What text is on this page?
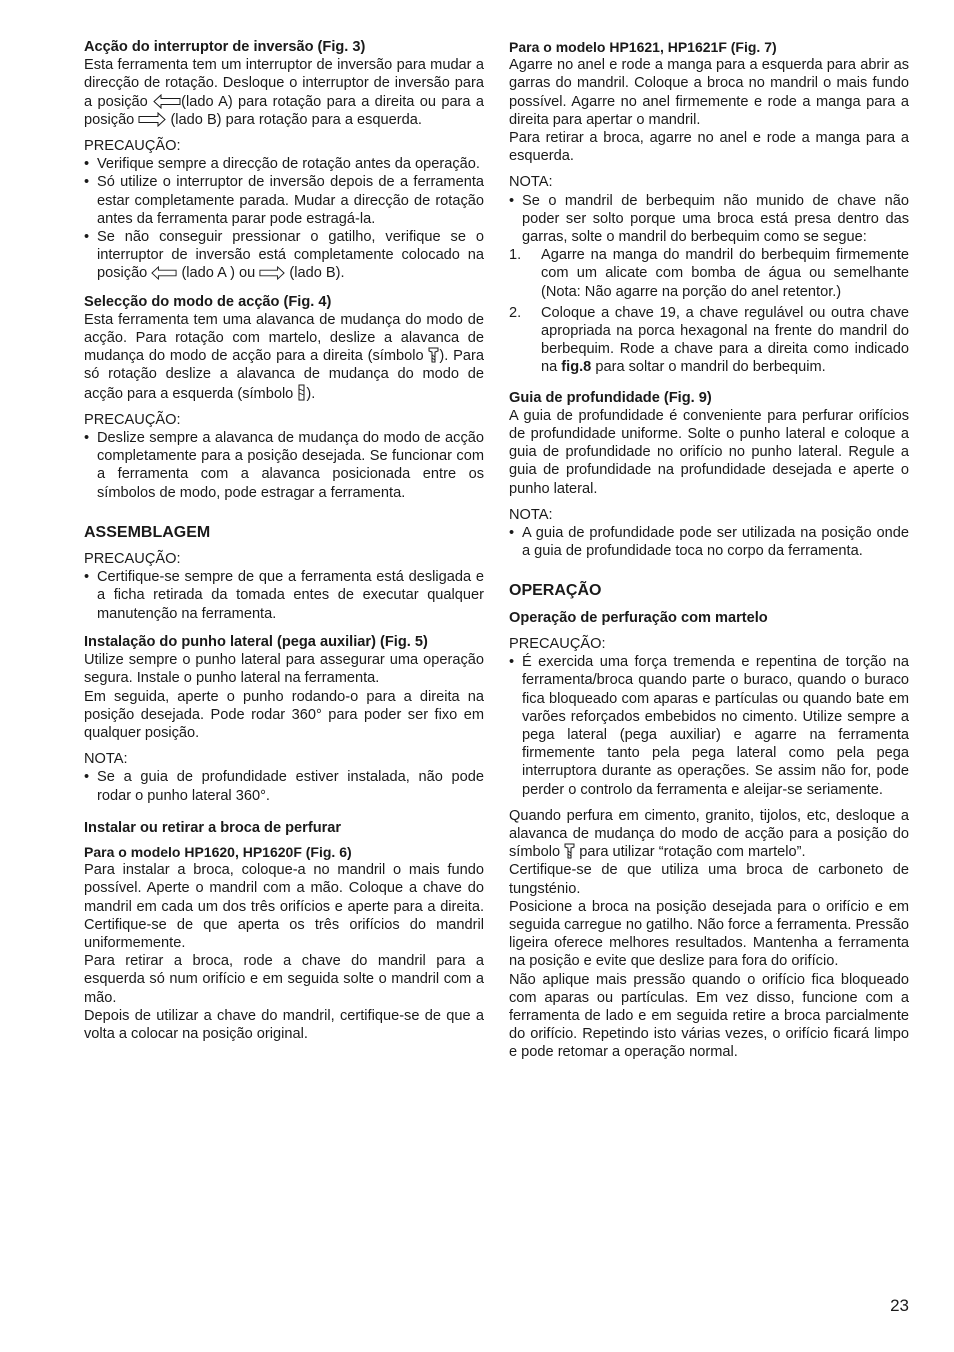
Acção do interruptor de inversão (Fig. 3)

Esta ferramenta tem um interruptor de inversão para mudar a direcção de rotação. Desloque o interruptor de inversão para a posição (lado A) para rotação para a direita ou para a posição (lado B) para rotação para a esquerda.

PRECAUÇÃO:

• Verifique sempre a direcção de rotação antes da operação.
• Só utilize o interruptor de inversão depois de a ferramenta estar completamente parada. Mudar a direcção de rotação antes da ferramenta parar pode estragá-la.
• Se não conseguir pressionar o gatilho, verifique se o interruptor de inversão está completamente colocado na posição (lado A ) ou (lado B).

Selecção do modo de acção (Fig. 4)

Esta ferramenta tem uma alavanca de mudança do modo de acção. Para rotação com martelo, deslize a alavanca de mudança do modo de acção para a direita (símbolo ). Para só rotação deslize a alavanca de mudança do modo de acção para a esquerda (símbolo ).

PRECAUÇÃO:

• Deslize sempre a alavanca de mudança do modo de acção completamente para a posição desejada. Se funcionar com a ferramenta com a alavanca posicionada entre os símbolos de modo, pode estragar a ferramenta.

ASSEMBLAGEM

PRECAUÇÃO:

• Certifique-se sempre de que a ferramenta está desligada e a ficha retirada da tomada entes de executar qualquer manutenção na ferramenta.

Instalação do punho lateral (pega auxiliar) (Fig. 5)

Utilize sempre o punho lateral para assegurar uma operação segura. Instale o punho lateral na ferramenta.

Em seguida, aperte o punho rodando-o para a direita na posição desejada. Pode rodar 360° para poder ser fixo em qualquer posição.

NOTA:

• Se a guia de profundidade estiver instalada, não pode rodar o punho lateral 360°.

Instalar ou retirar a broca de perfurar

Para o modelo HP1620, HP1620F (Fig. 6)

Para instalar a broca, coloque-a no mandril o mais fundo possível. Aperte o mandril com a mão. Coloque a chave do mandril em cada um dos três orifícios e aperte para a direita. Certifique-se de que aperta os três orifícios do mandril uniformemente.

Para retirar a broca, rode a chave do mandril para a esquerda só num orifício e em seguida solte o mandril com a mão.

Depois de utilizar a chave do mandril, certifique-se de que a volta a colocar na posição original.

Para o modelo HP1621, HP1621F (Fig. 7)

Agarre no anel e rode a manga para a esquerda para abrir as garras do mandril. Coloque a broca no mandril o mais fundo possível. Agarre no anel firmemente e rode a manga para a direita para apertar o mandril.

Para retirar a broca, agarre no anel e rode a manga para a esquerda.

NOTA:

• Se o mandril de berbequim não munido de chave não poder ser solto porque uma broca está presa dentro das garras, solte o mandril do berbequim como se segue:
1. Agarre na manga do mandril do berbequim firmemente com um alicate com bomba de água ou semelhante (Nota: Não agarre na porção do anel retentor.)
2. Coloque a chave 19, a chave regulável ou outra chave apropriada na porca hexagonal na frente do mandril do berbequim. Rode a chave para a direita como indicado na fig.8 para soltar o mandril do berbequim.

Guia de profundidade (Fig. 9)

A guia de profundidade é conveniente para perfurar orifícios de profundidade uniforme. Solte o punho lateral e coloque a guia de profundidade no orifício no punho lateral. Regule a guia de profundidade na profundidade desejada e aperte o punho lateral.

NOTA:

• A guia de profundidade pode ser utilizada na posição onde a guia de profundidade toca no corpo da ferramenta.

OPERAÇÃO

Operação de perfuração com martelo

PRECAUÇÃO:

• É exercida uma força tremenda e repentina de torção na ferramenta/broca quando parte o buraco, quando o buraco fica bloqueado com aparas e partículas ou quando bate em varões reforçados embebidos no cimento. Utilize sempre a pega lateral (pega auxiliar) e agarre na ferramenta firmemente tanto pela pega lateral como pela pega interruptora durante as operações. Se assim não for, pode perder o controlo da ferramenta e aleijar-se seriamente.

Quando perfura em cimento, granito, tijolos, etc, desloque a alavanca de mudança do modo de acção para a posição do símbolo para utilizar “rotação com martelo”.

Certifique-se de que utiliza uma broca de carboneto de tungsténio.

Posicione a broca na posição desejada para o orifício e em seguida carregue no gatilho. Não force a ferramenta. Pressão ligeira oferece melhores resultados. Mantenha a ferramenta na posição e evite que deslize para fora do orifício.

Não aplique mais pressão quando o orifício fica bloqueado com aparas ou partículas. Em vez disso, funcione com a ferramenta de lado e em seguida retire a broca parcialmente do orifício. Repetindo isto várias vezes, o orifício ficará limpo e pode retomar a operação normal.

23
